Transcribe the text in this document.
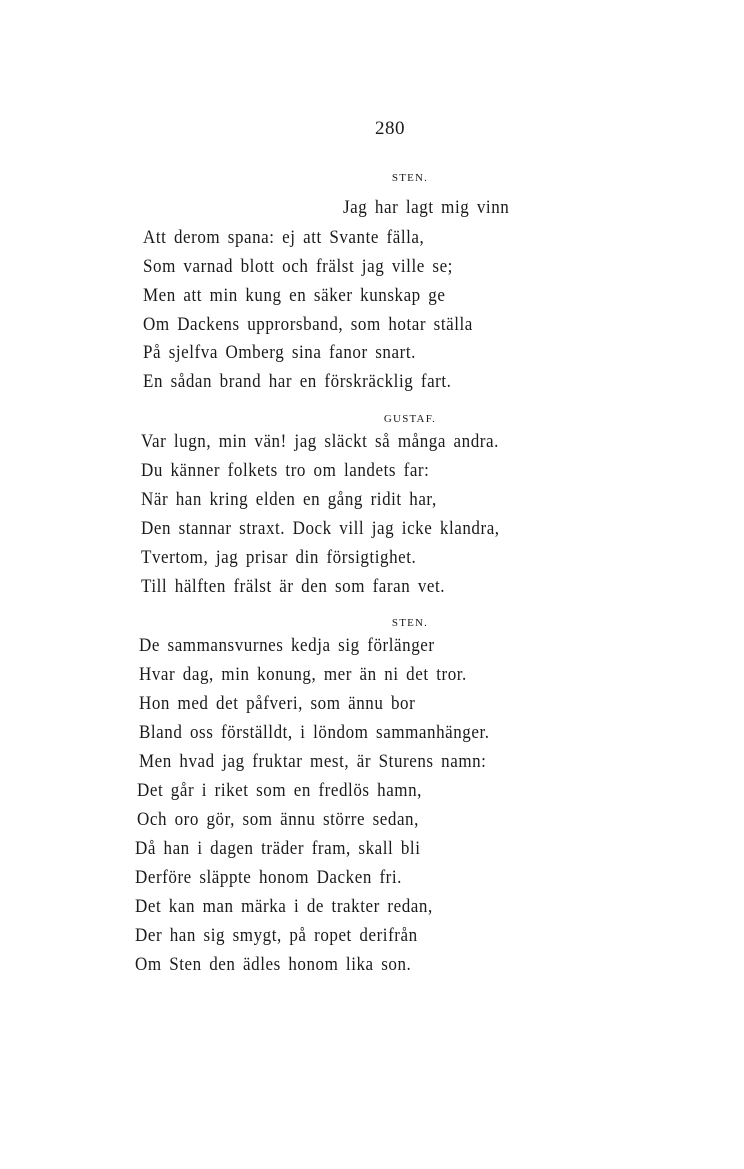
280
STEN.
Jag har lagt mig vinn
Att derom spana: ej att Svante fälla,
Som varnad blott och frälst jag ville se;
Men att min kung en säker kunskap ge
Om Dackens upprorsband, som hotar ställa
På sjelfva Omberg sina fanor snart.
En sådan brand har en förskräcklig fart.
GUSTAF.
Var lugn, min vän! jag släckt så många andra.
Du känner folkets tro om landets far:
När han kring elden en gång ridit har,
Den stannar straxt. Dock vill jag icke klandra,
Tvertom, jag prisar din försigtighet.
Till hälften frälst är den som faran vet.
STEN.
De sammansvurnes kedja sig förlänger
Hvar dag, min konung, mer än ni det tror.
Hon med det påfveri, som ännu bor
Bland oss förställdt, i löndom sammanhänger.
Men hvad jag fruktar mest, är Sturens namn:
Det går i riket som en fredlös hamn,
Och oro gör, som ännu större sedan,
Då han i dagen träder fram, skall bli
Derföre släppte honom Dacken fri.
Det kan man märka i de trakter redan,
Der han sig smygt, på ropet derifrån
Om Sten den ädles honom lika son.
